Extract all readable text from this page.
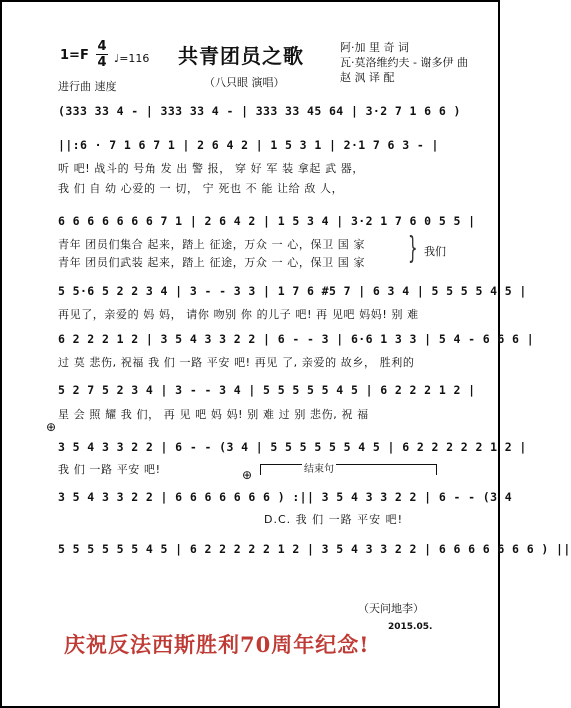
1=F
4
4 ♩=116
进行曲 速度
共青团员之歌
（八只眼 演唱）
阿·加 里 奇 词
瓦·莫洛维约夫 - 谢多伊 曲
赵 沨 译 配
(333 33 4 - | 333 33 4 - | 333 33 45 64 | 3·2 7 1 6 6 )
||:6 · 7 1 6 7 1 | 2 6 4 2 | 1 5 3 1 | 2·1 7 6 3 - |
听 吧! 战斗的 号角 发 出 警 报， 穿 好 军 装 拿起 武 器，
我 们 自 幼 心爱的 一 切， 宁 死也 不 能 让给 敌 人，
6 6 6 6 6 6 6 7 1 | 2 6 4 2 | 1 5 3 4 | 3·2 1 7 6 0 5 5 |
青年 团员们集合 起来，踏上 征途，万众 一 心，保卫 国 家
青年 团员们武装 起来，踏上 征途，万众 一 心，保卫 国 家 } 我们
5 5·6 5 2 2 3 4 | 3 - - 3 3 | 1 7 6 #5 7 | 6 3 4 | 5 5 5 5 4 5 |
再见了，亲爱的 妈 妈， 请你 吻别 你 的儿子 吧! 再 见吧 妈妈! 别 难
6 2 2 2 1 2 | 3 5 4 3 3 2 2 | 6 - - 3 | 6·6 1 3 3 | 5 4 - 6 6 6 |
过 莫 悲伤, 祝福 我 们 一路 平安 吧! 再见 了, 亲爱的 故乡， 胜利的
5 2 7 5 2 3 4 | 3 - - 3 4 | 5 5 5 5 5 4 5 | 6 2 2 2 1 2 |
星 会 照 耀 我 们， 再 见 吧 妈 妈! 别 难 过 别 悲伤, 祝 福
⊕
3 5 4 3 3 2 2 | 6 - - (3 4 | 5 5 5 5 5 5 4 5 | 6 2 2 2 2 2 1 2 |
我 们 一路 平安 吧!	⊕	结束句
3 5 4 3 3 2 2 | 6 6 6 6 6 6 6 ) :|| 3 5 4 3 3 2 2 | 6 - - (3 4
D.C. 我 们 一路 平安 吧!
5 5 5 5 5 5 4 5 | 6 2 2 2 2 2 1 2 | 3 5 4 3 3 2 2 | 6 6 6 6 6 6 6 ) ||
（天问地李）
2015.05.
庆祝反法西斯胜利70周年纪念!
